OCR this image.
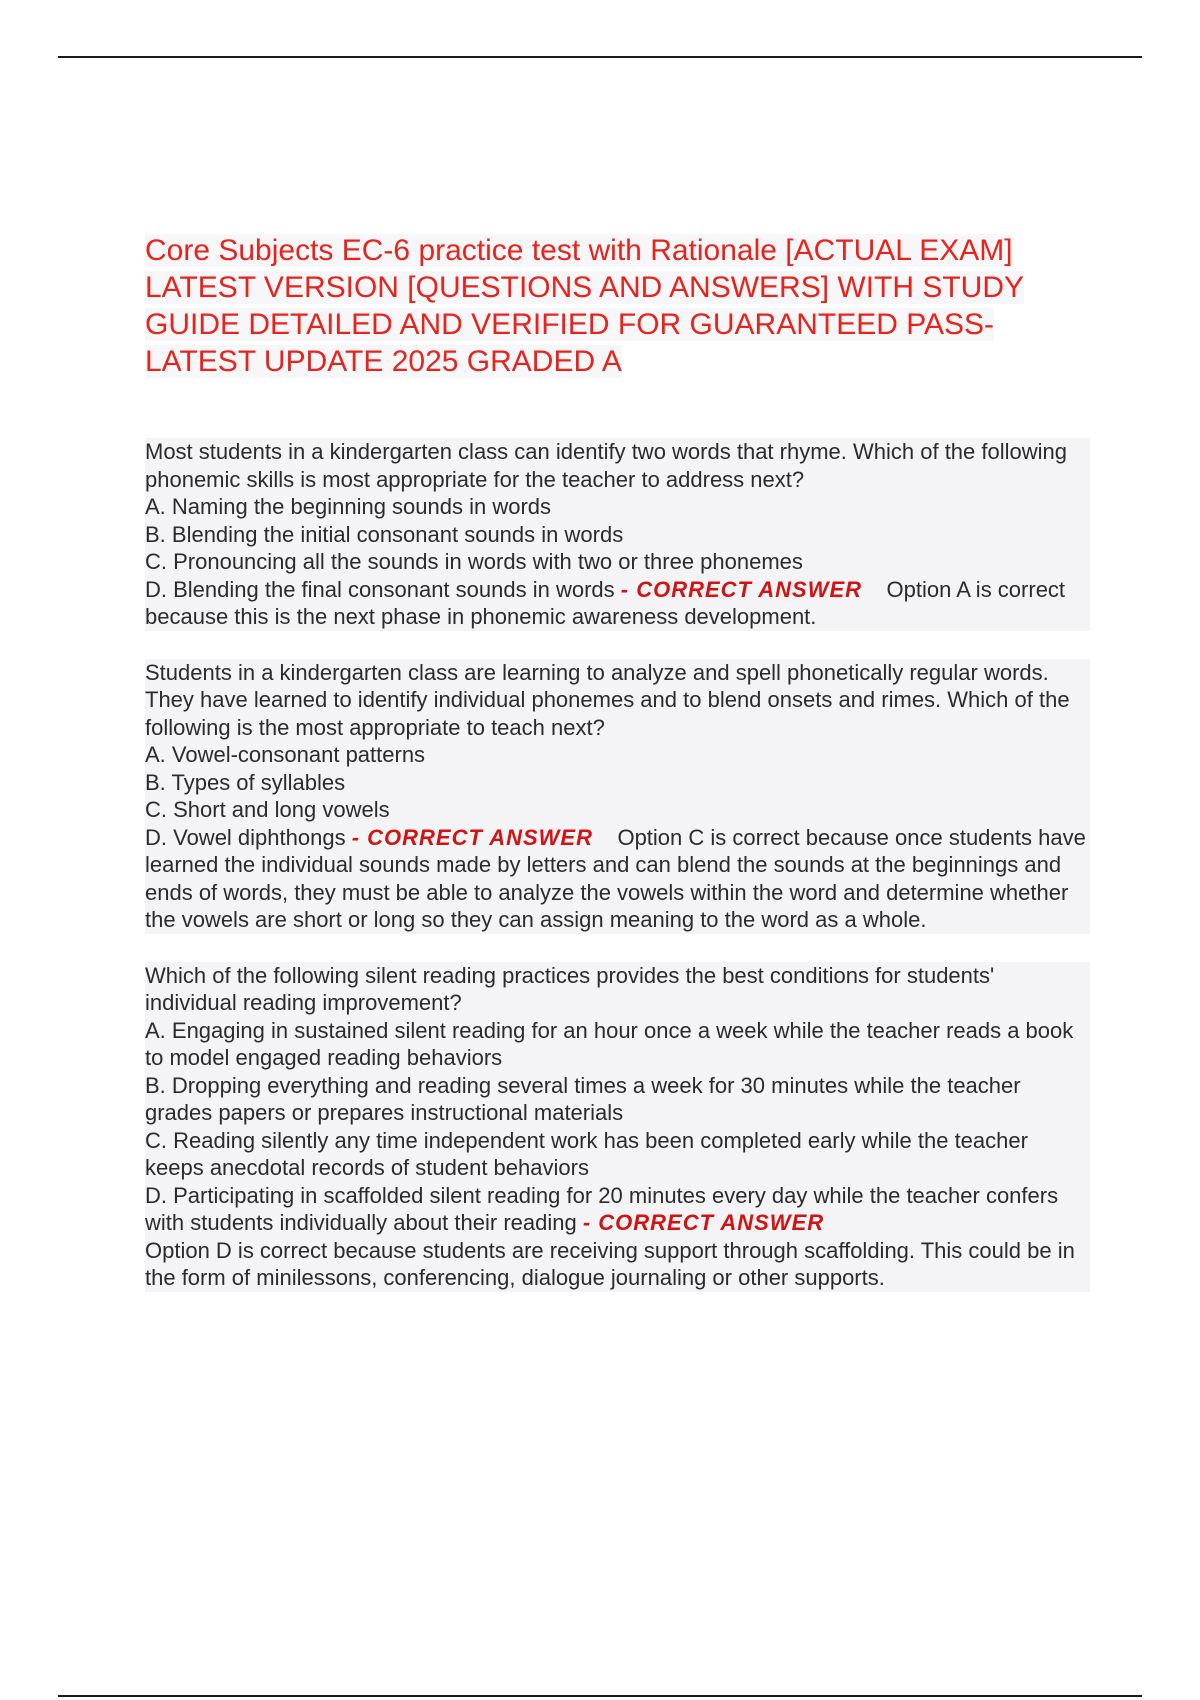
Core Subjects EC-6 practice test with Rationale [ACTUAL EXAM] LATEST VERSION [QUESTIONS AND ANSWERS] WITH STUDY GUIDE DETAILED AND VERIFIED FOR GUARANTEED PASS- LATEST UPDATE 2025 GRADED A

Most students in a kindergarten class can identify two words that rhyme. Which of the following phonemic skills is most appropriate for the teacher to address next?

A. Naming the beginning sounds in words
B. Blending the initial consonant sounds in words
C. Pronouncing all the sounds in words with two or three phonemes

D. Blending the final consonant sounds in words - CORRECT ANSWER Option A is correct because this is the next phase in phonemic awareness development.

Students in a kindergarten class are learning to analyze and spell phonetically regular words. They have learned to identify individual phonemes and to blend onsets and rimes. Which of the following is the most appropriate to teach next?

A. Vowel-consonant patterns
B. Types of syllables
C. Short and long vowels

D. Vowel diphthongs - CORRECT ANSWER Option C is correct because once students have learned the individual sounds made by letters and can blend the sounds at the beginnings and ends of words, they must be able to analyze the vowels within the word and determine whether the vowels are short or long so they can assign meaning to the word as a whole.

Which of the following silent reading practices provides the best conditions for students' individual reading improvement?

A. Engaging in sustained silent reading for an hour once a week while the teacher reads a book to model engaged reading behaviors
B. Dropping everything and reading several times a week for 30 minutes while the teacher grades papers or prepares instructional materials
C. Reading silently any time independent work has been completed early while the teacher keeps anecdotal records of student behaviors

D. Participating in scaffolded silent reading for 20 minutes every day while the teacher confers with students individually about their reading - CORRECT ANSWER
Option D is correct because students are receiving support through scaffolding. This could be in the form of minilessons, conferencing, dialogue journaling or other supports.
